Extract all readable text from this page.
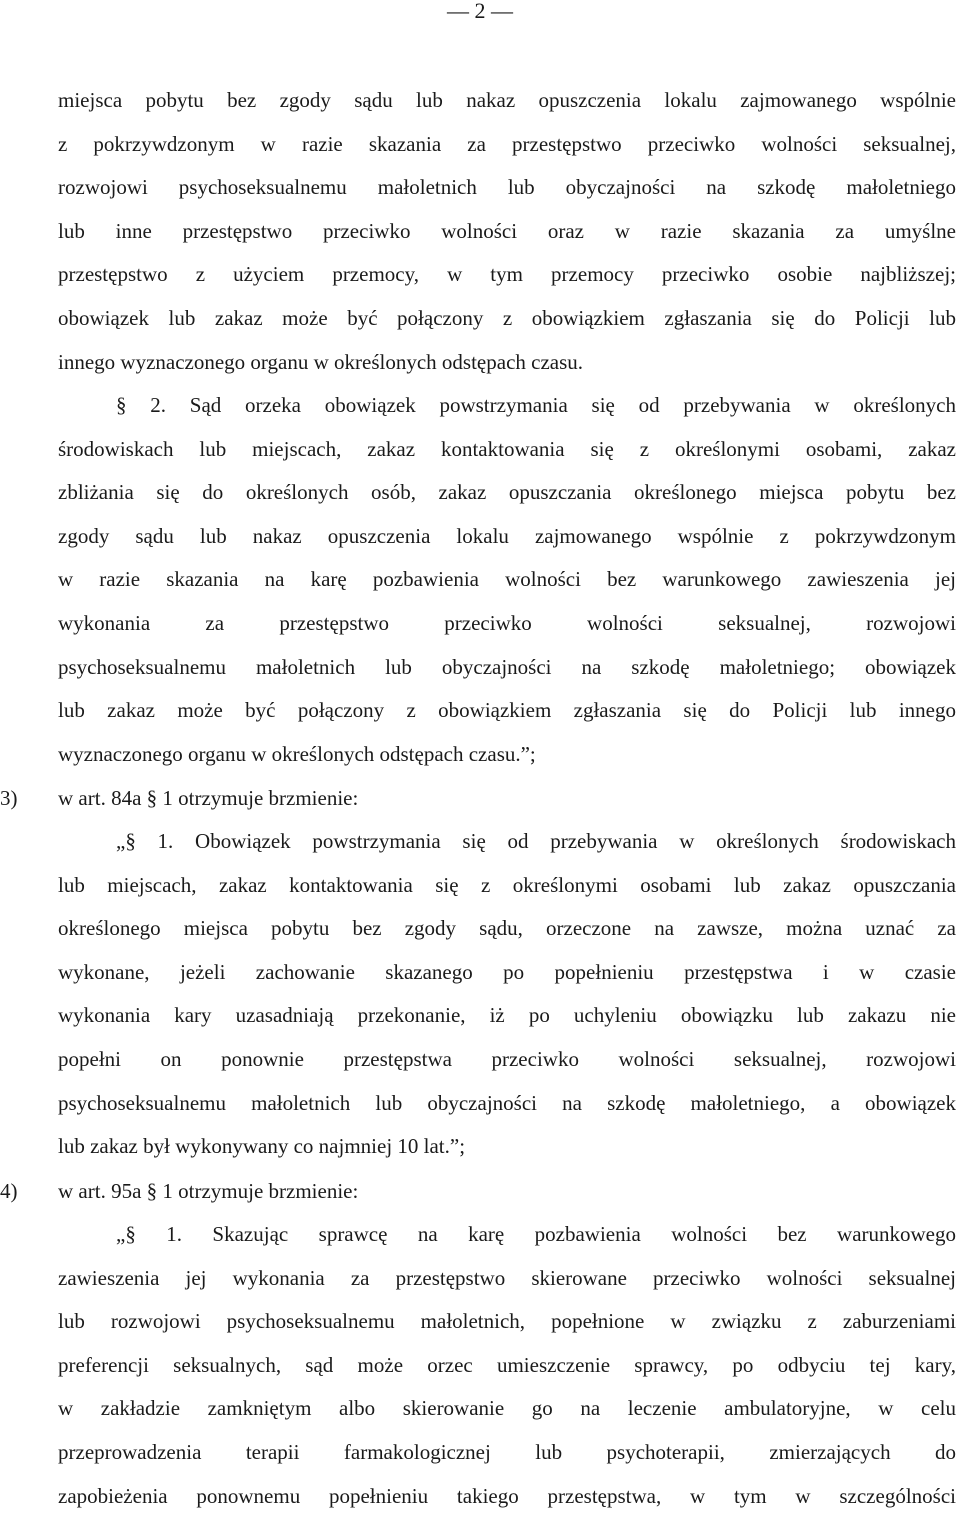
— 2 —
miejsca pobytu bez zgody sądu lub nakaz opuszczenia lokalu zajmowanego wspólnie
z pokrzywdzonym w razie skazania za przestępstwo przeciwko wolności seksualnej,
rozwojowi psychoseksualnemu małoletnich lub obyczajności na szkodę małoletniego
lub inne przestępstwo przeciwko wolności oraz w razie skazania za umyślne
przestępstwo z użyciem przemocy, w tym przemocy przeciwko osobie najbliższej;
obowiązek lub zakaz może być połączony z obowiązkiem zgłaszania się do Policji lub
innego wyznaczonego organu w określonych odstępach czasu.
§ 2. Sąd orzeka obowiązek powstrzymania się od przebywania w określonych
środowiskach lub miejscach, zakaz kontaktowania się z określonymi osobami, zakaz
zbliżania się do określonych osób, zakaz opuszczania określonego miejsca pobytu bez
zgody sądu lub nakaz opuszczenia lokalu zajmowanego wspólnie z pokrzywdzonym
w razie skazania na karę pozbawienia wolności bez warunkowego zawieszenia jej
wykonania za przestępstwo przeciwko wolności seksualnej, rozwojowi
psychoseksualnemu małoletnich lub obyczajności na szkodę małoletniego; obowiązek
lub zakaz może być połączony z obowiązkiem zgłaszania się do Policji lub innego
wyznaczonego organu w określonych odstępach czasu.”;
3) w art. 84a § 1 otrzymuje brzmienie:
„§ 1. Obowiązek powstrzymania się od przebywania w określonych środowiskach
lub miejscach, zakaz kontaktowania się z określonymi osobami lub zakaz opuszczania
określonego miejsca pobytu bez zgody sądu, orzeczone na zawsze, można uznać za
wykonane, jeżeli zachowanie skazanego po popełnieniu przestępstwa i w czasie
wykonania kary uzasadniają przekonanie, iż po uchyleniu obowiązku lub zakazu nie
popełni on ponownie przestępstwa przeciwko wolności seksualnej, rozwojowi
psychoseksualnemu małoletnich lub obyczajności na szkodę małoletniego, a obowiązek
lub zakaz był wykonywany co najmniej 10 lat.”;
4) w art. 95a § 1 otrzymuje brzmienie:
„§ 1. Skazując sprawcę na karę pozbawienia wolności bez warunkowego
zawieszenia jej wykonania za przestępstwo skierowane przeciwko wolności seksualnej
lub rozwojowi psychoseksualnemu małoletnich, popełnione w związku z zaburzeniami
preferencji seksualnych, sąd może orzec umieszczenie sprawcy, po odbyciu tej kary,
w zakładzie zamkniętym albo skierowanie go na leczenie ambulatoryjne, w celu
przeprowadzenia terapii farmakologicznej lub psychoterapii, zmierzających do
zapobieżenia ponownemu popełnieniu takiego przestępstwa, w tym w szczególności
